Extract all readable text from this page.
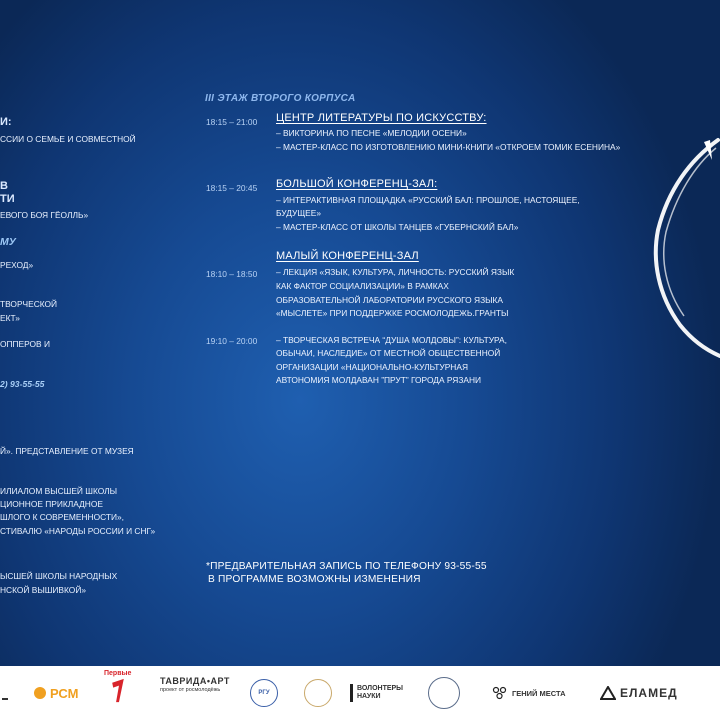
И:
ССИИ О СЕМЬЕ И СОВМЕСТНОЙ
В
ТИ
ЕВОГО БОЯ ГЁОЛЛЬ»
МУ
РЕХОД»
ТВОРЧЕСКОЙ
ЕКТ»
ОППЕРОВ И
2) 93-55-55
Й». ПРЕДСТАВЛЕНИЕ ОТ МУЗЕЯ
ИЛИАЛОМ ВЫСШЕЙ ШКОЛЫ
ЦИОННОЕ ПРИКЛАДНОЕ
ШЛОГО К СОВРЕМЕННОСТИ»,
СТИВАЛЮ «НАРОДЫ РОССИИ И СНГ»
ЫСШЕЙ ШКОЛЫ НАРОДНЫХ
НСКОЙ ВЫШИВКОЙ»
III ЭТАЖ ВТОРОГО КОРПУСА
18:15 – 21:00 ЦЕНТР ЛИТЕРАТУРЫ ПО ИСКУССТВУ:
– ВИКТОРИНА ПО ПЕСНЕ «МЕЛОДИИ ОСЕНИ»
– МАСТЕР-КЛАСС ПО ИЗГОТОВЛЕНИЮ МИНИ-КНИГИ «ОТКРОЕМ ТОМИК ЕСЕНИНА»
18:15 – 20:45 БОЛЬШОЙ КОНФЕРЕНЦ-ЗАЛ:
– ИНТЕРАКТИВНАЯ ПЛОЩАДКА «РУССКИЙ БАЛ: ПРОШЛОЕ, НАСТОЯЩЕЕ,
БУДУЩЕЕ»
– МАСТЕР-КЛАСС ОТ ШКОЛЫ ТАНЦЕВ «ГУБЕРНСКИЙ БАЛ»
МАЛЫЙ КОНФЕРЕНЦ-ЗАЛ
18:10 – 18:50 – ЛЕКЦИЯ «ЯЗЫК, КУЛЬТУРА, ЛИЧНОСТЬ: РУССКИЙ ЯЗЫК
КАК ФАКТОР СОЦИАЛИЗАЦИИ» В РАМКАХ
ОБРАЗОВАТЕЛЬНОЙ ЛАБОРАТОРИИ РУССКОГО ЯЗЫКА
«МЫСЛЕТЕ» ПРИ ПОДДЕРЖКЕ РОСМОЛОДЕЖЬ.ГРАНТЫ
19:10 – 20:00 – ТВОРЧЕСКАЯ ВСТРЕЧА “ДУША МОЛДОВЫ”: КУЛЬТУРА,
ОБЫЧАИ, НАСЛЕДИЕ» ОТ МЕСТНОЙ ОБЩЕСТВЕННОЙ
ОРГАНИЗАЦИИ «НАЦИОНАЛЬНО-КУЛЬТУРНАЯ
АВТОНОМИЯ МОЛДАВАН ”ПРУТ” ГОРОДА РЯЗАНИ
*ПРЕДВАРИТЕЛЬНАЯ ЗАПИСЬ ПО ТЕЛЕФОНУ 93-55-55
В ПРОГРАММЕ ВОЗМОЖНЫ ИЗМЕНЕНИЯ
РСМ
Первые
ТАВРИДА•АРТ
проект от росмолодёжь	РГУ
ВОЛОНТЕРЫ НАУКИ	ГЕНИЙ МЕСТА	ЕЛАМЕД
